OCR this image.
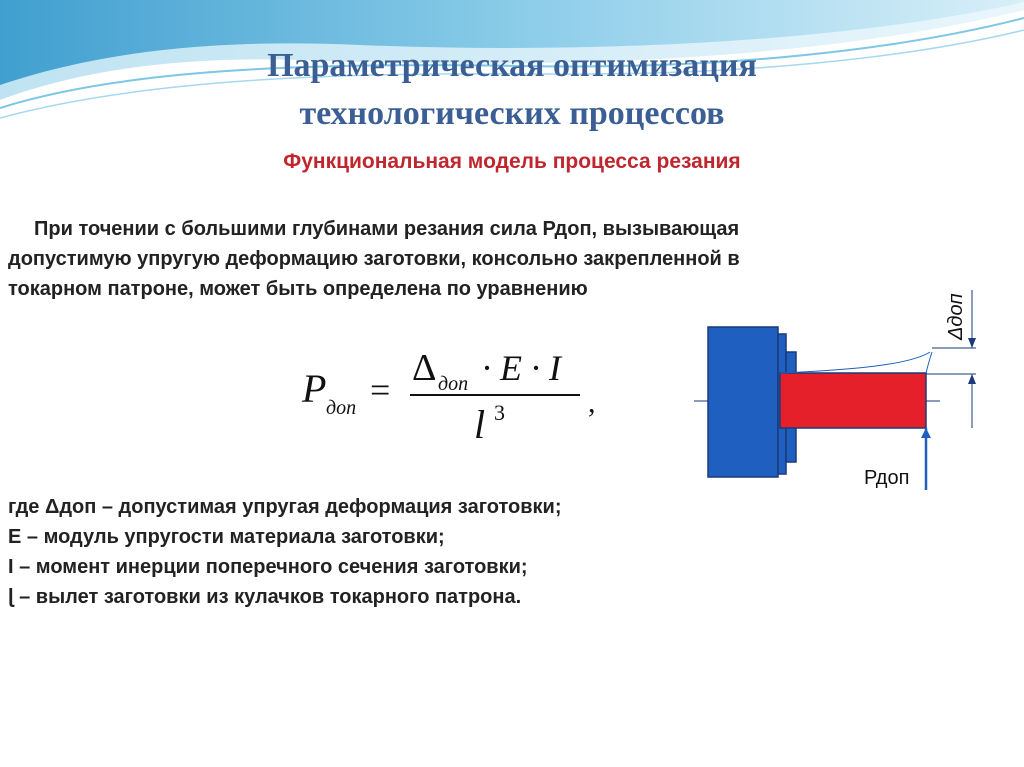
Параметрическая оптимизация
технологических процессов
Функциональная модель процесса резания
При точении с большими глубинами резания сила Рдоп, вызывающая
допустимую упругую деформацию заготовки, консольно закрепленной в
токарном патроне, может быть определена по уравнению
P доп =
Δ доп · E · I
l 3	,
Δдоп
Рдоп
где Δдоп – допустимая упругая деформация заготовки;
E – модуль упругости материала заготовки;
I – момент инерции поперечного сечения заготовки;
ɭ – вылет заготовки из кулачков токарного патрона.
